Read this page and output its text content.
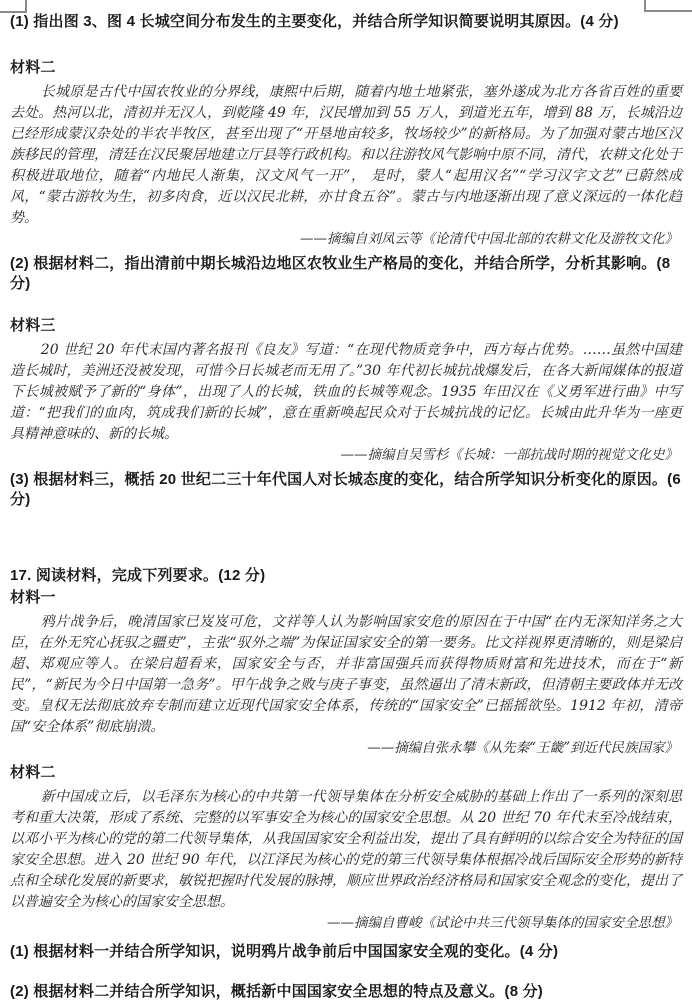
(1) 指出图 3、图 4 长城空间分布发生的主要变化，并结合所学知识简要说明其原因。(4 分)
材料二

长城原是古代中国农牧业的分界线，康熙中后期，随着内地土地紧张，塞外遂成为北方各省百姓的重要去处。热河以北，清初并无汉人，到乾隆 49 年，汉民增加到 55 万人，到道光五年，增到 88 万，长城沿边已经形成蒙汉杂处的半农半牧区，甚至出现了“开垦地亩较多，牧场较少”的新格局。为了加强对蒙古地区汉族移民的管理，清廷在汉民聚居地建立厅县等行政机构。和以往游牧风气影响中原不同，清代，农耕文化处于积极进取地位，随着“内地民人渐集，汉文风气一开”， 是时，蒙人“起用汉名”“学习汉字文艺”已蔚然成风，“蒙古游牧为生，初多肉食，近以汉民北耕，亦甘食五谷”。蒙古与内地逐渐出现了意义深远的一体化趋势。

——摘编自刘凤云等《论清代中国北部的农耕文化及游牧文化》
(2) 根据材料二，指出清前中期长城沿边地区农牧业生产格局的变化，并结合所学，分析其影响。(8 分)
材料三

20 世纪 20 年代末国内著名报刊《良友》写道：“在现代物质竞争中，西方每占优势。……虽然中国建造长城时，美洲还没被发现，可惜今日长城老而无用了。”30 年代初长城抗战爆发后，在各大新闻媒体的报道下长城被赋予了新的“身体”，出现了人的长城，铁血的长城等观念。1935 年田汉在《义勇军进行曲》中写道：“把我们的血肉，筑成我们新的长城”，意在重新唤起民众对于长城抗战的记忆。长城由此升华为一座更具精神意味的、新的长城。

——摘编自吴雪杉《长城：一部抗战时期的视觉文化史》
(3) 根据材料三，概括 20 世纪二三十年代国人对长城态度的变化，结合所学知识分析变化的原因。(6 分)
17. 阅读材料，完成下列要求。(12 分)
材料一

鸦片战争后，晚清国家已岌岌可危，文祥等人认为影响国家安危的原因在于中国“在内无深知洋务之大臣，在外无究心抚驭之疆吏”，主张“驭外之端”为保证国家安全的第一要务。比文祥视界更清晰的，则是梁启超、郑观应等人。在梁启超看来，国家安全与否，并非富国强兵而获得物质财富和先进技术，而在于“新民”，“新民为今日中国第一急务”。甲午战争之败与庚子事变，虽然逼出了清末新政，但清朝主要政体并无改变。皇权无法彻底放弃专制而建立近现代国家安全体系，传统的“国家安全”已摇摇欲坠。1912 年初，清帝国“安全体系”彻底崩溃。

——摘编自张永攀《从先秦“王畿”到近代民族国家》
材料二

新中国成立后，以毛泽东为核心的中共第一代领导集体在分析安全威胁的基础上作出了一系列的深刻思考和重大决策，形成了系统、完整的以军事安全为核心的国家安全思想。从 20 世纪 70 年代末至冷战结束，以邓小平为核心的党的第二代领导集体，从我国国家安全利益出发，提出了具有鲜明的以综合安全为特征的国家安全思想。进入 20 世纪 90 年代，以江泽民为核心的党的第三代领导集体根据冷战后国际安全形势的新特点和全球化发展的新要求，敏锐把握时代发展的脉搏，顺应世界政治经济格局和国家安全观念的变化，提出了以普遍安全为核心的国家安全思想。

——摘编自曹峻《试论中共三代领导集体的国家安全思想》
(1) 根据材料一并结合所学知识，说明鸦片战争前后中国国家安全观的变化。(4 分)
(2) 根据材料二并结合所学知识，概括新中国国家安全思想的特点及意义。(8 分)
